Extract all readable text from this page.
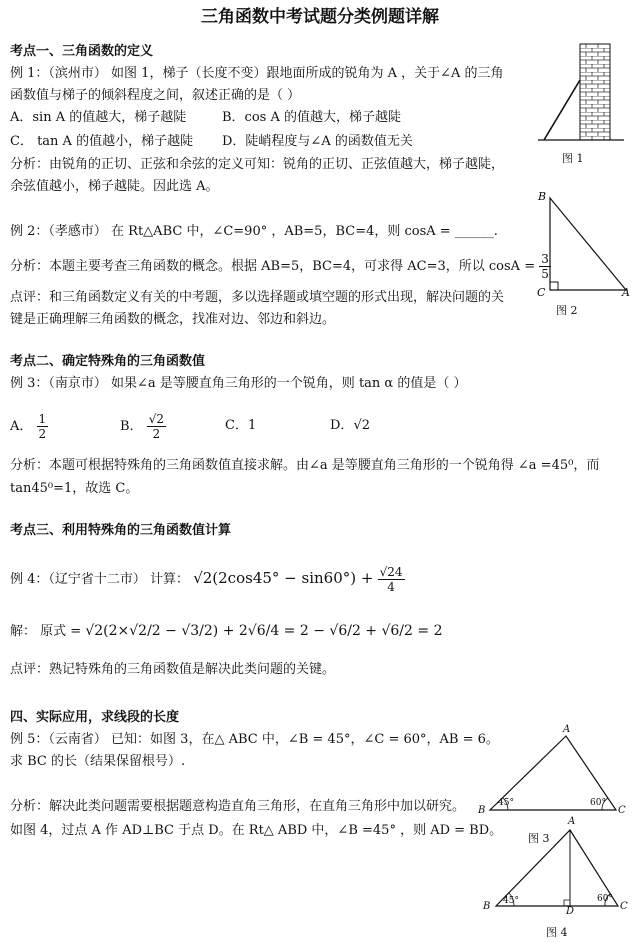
三角函数中考试题分类例题详解
考点一、三角函数的定义
例 1：（滨州市） 如图 1，梯子（长度不变）跟地面所成的锐角为 A ，关于∠A 的三角
函数值与梯子的倾斜程度之间，叙述正确的是（ ）
A．sin A 的值越大，梯子越陡	B．cos A 的值越大，梯子越陡
C． tan A 的值越小，梯子越陡 D．陡峭程度与∠A 的函数值无关
分析：由锐角的正切、正弦和余弦的定义可知：锐角的正切、正弦值越大，梯子越陡，
余弦值越小，梯子越陡。因此选 A。
图 1
例 2：（孝感市） 在 Rt△ABC 中，∠C=90° ，AB=5，BC=4，则 cosA = ______.
分析：本题主要考查三角函数的概念。根据 AB=5，BC=4，可求得 AC=3，所以 $\cos A = \frac{3}{5}$
点评：和三角函数定义有关的中考题，多以选择题或填空题的形式出现，解决问题的关
键是正确理解三角函数的概念，找准对边、邻边和斜边。
B
C	A
图 2
考点二、确定特殊角的三角函数值
例 3：（南京市） 如果∠a 是等腰直角三角形的一个锐角，则 tan α 的值是（ ）
A． $\frac{1}{2}$	B． $\frac{√2}{2}$	C．1	D．√2
分析：本题可根据特殊角的三角函数值直接求解。由∠a 是等腰直角三角形的一个锐角得 ∠a =45⁰，而
tan45⁰=1，故选 C。
考点三、利用特殊角的三角函数值计算
例 4：（辽宁省十二市） 计算： $√2(2\cos 45^\circ - \sin 60^\circ) + \frac{√24}{4}$
解： 原式 = √2(2×√2/2 − √3/2) + 2√6/4 = 2 − √6/2 + √6/2 = 2
点评：熟记特殊角的三角函数值是解决此类问题的关键。
四、实际应用，求线段的长度
例 5：（云南省） 已知：如图 3，在△ ABC 中，∠B = 45°，∠C = 60°，AB = 6。
求 BC 的长（结果保留根号）.
分析：解决此类问题需要根据题意构造直角三角形，在直角三角形中加以研究。
如图 4，过点 A 作 AD⊥BC 于点 D。在 Rt△ ABD 中，∠B =45° ，则 AD = BD。
A
B	C
45°	60°
图 3
A
B	D	C
45°	60°
图 4
